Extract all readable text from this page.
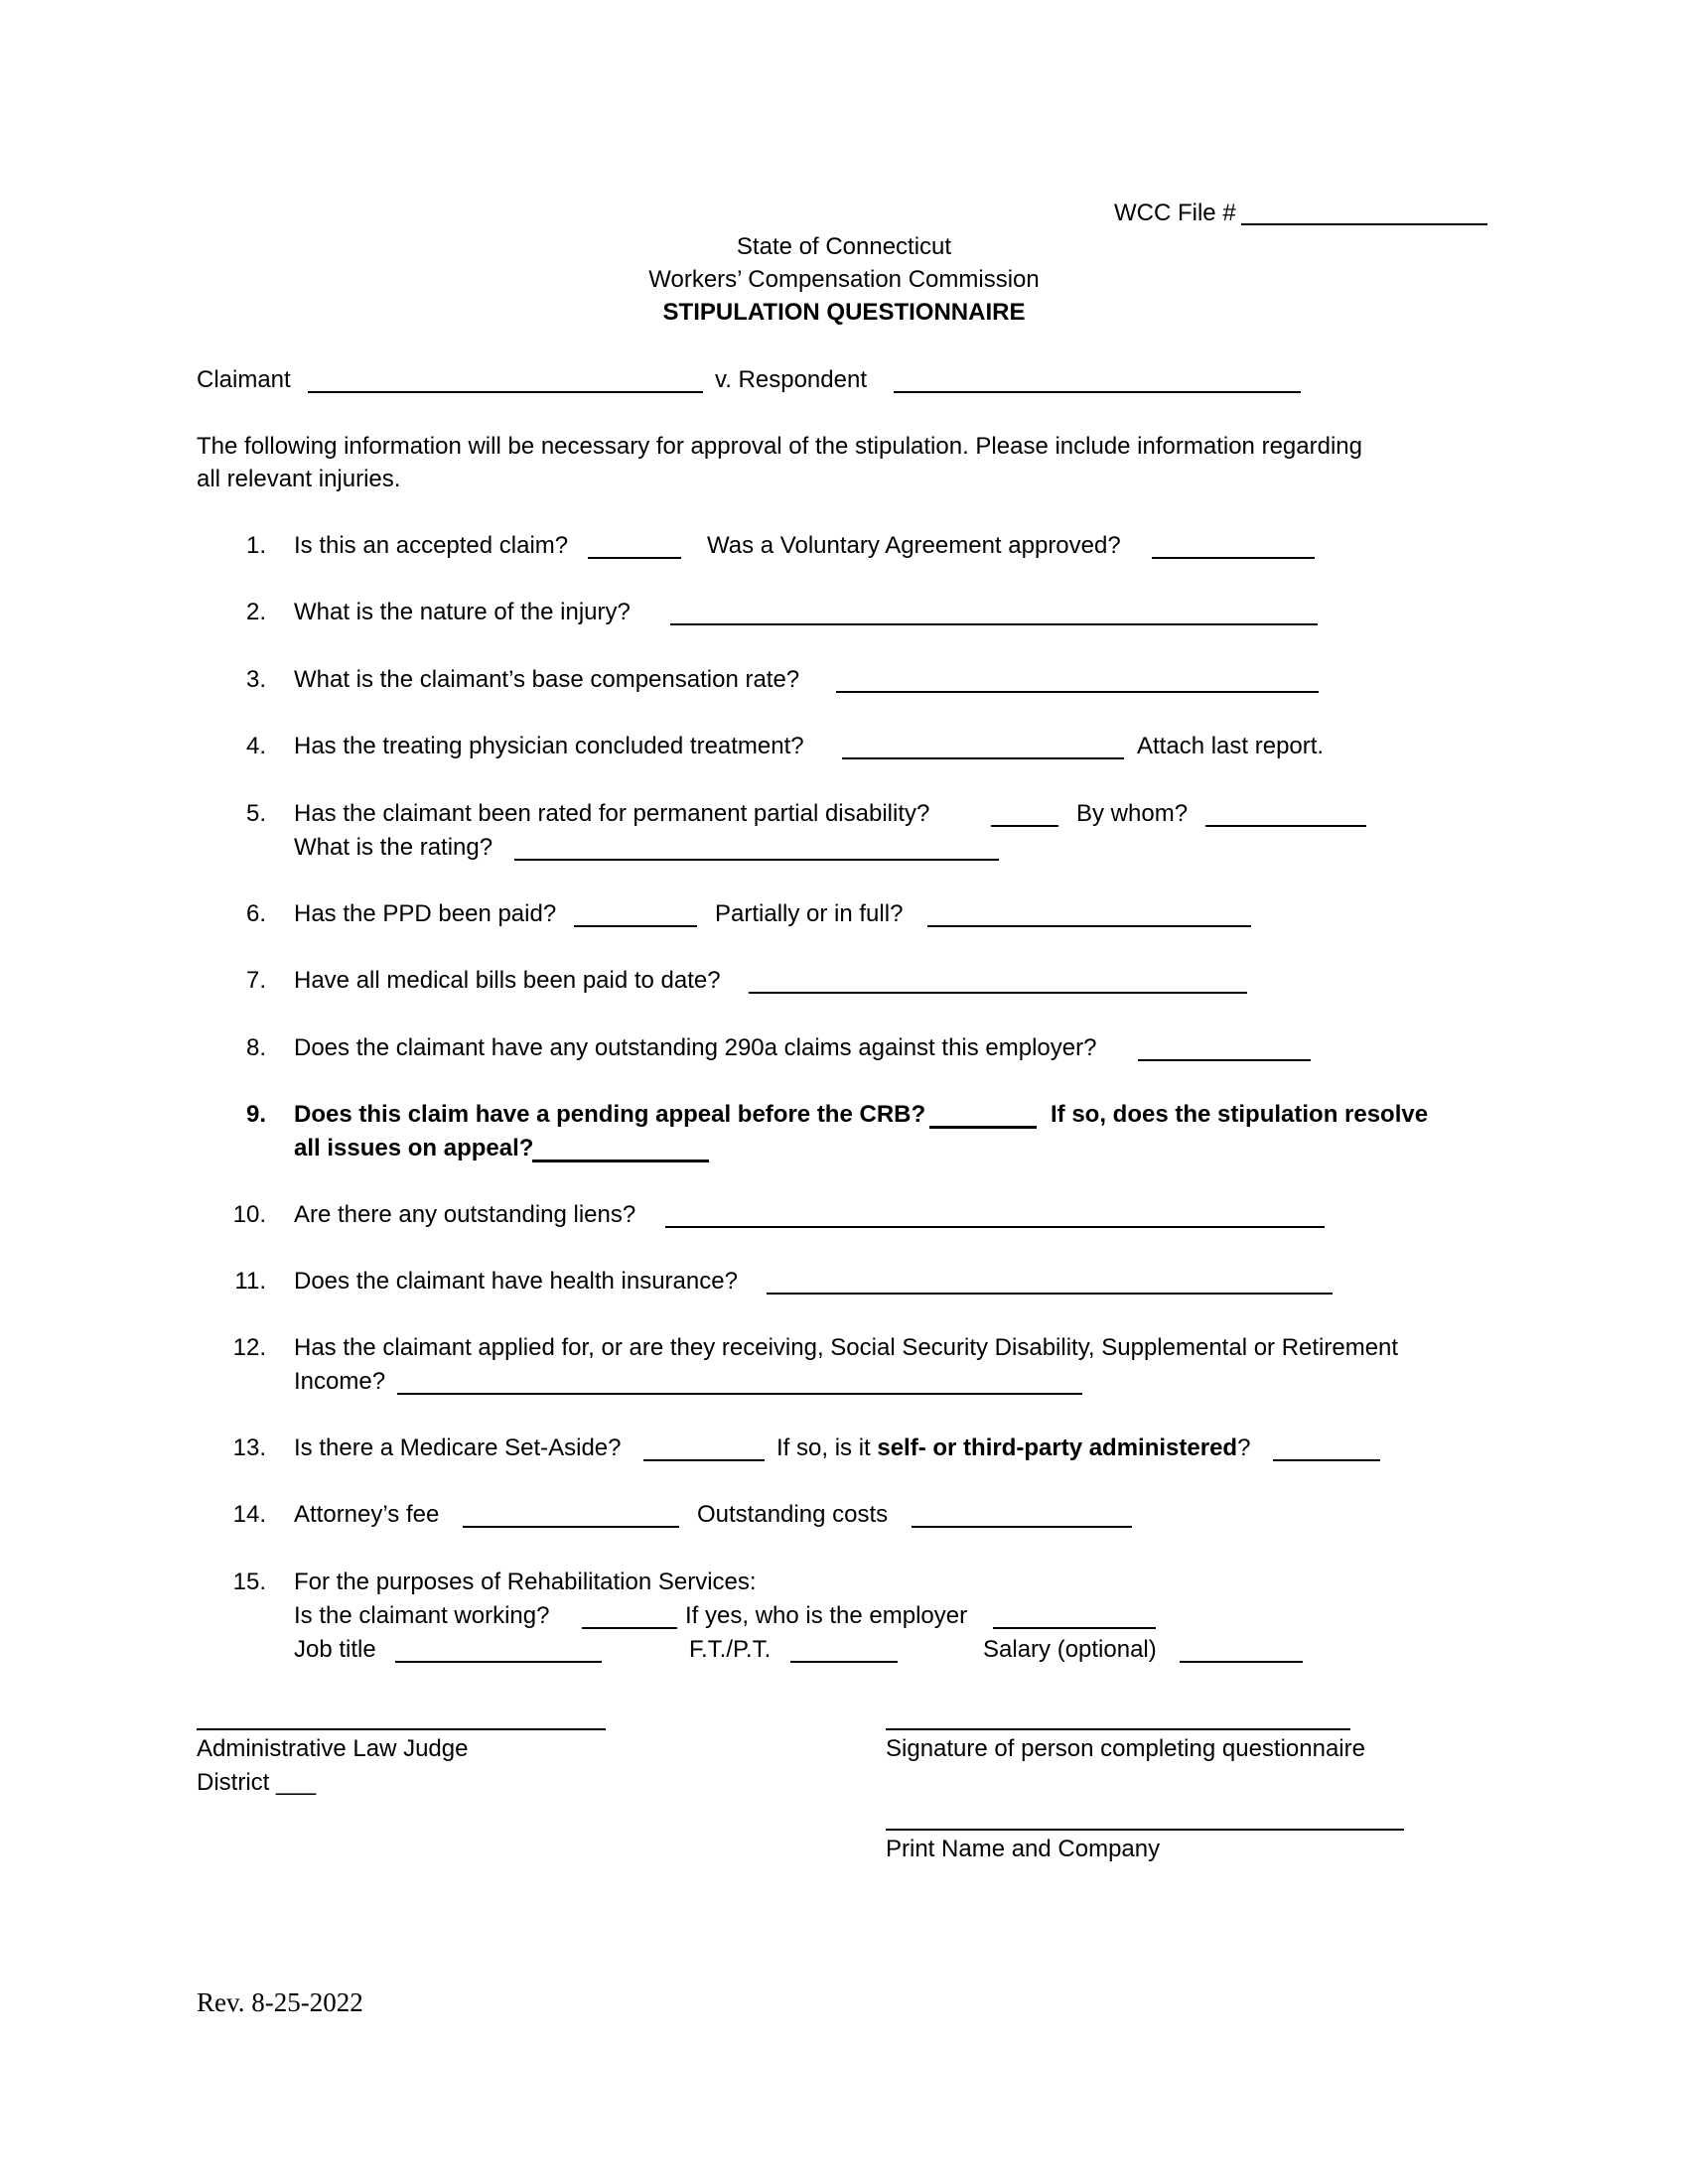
WCC File #
State of Connecticut
Workers’ Compensation Commission
STIPULATION QUESTIONNAIRE
Claimant	v. Respondent
The following information will be necessary for approval of the stipulation. Please include information regarding
all relevant injuries.
1. Is this an accepted claim?	Was a Voluntary Agreement approved?
2. What is the nature of the injury?
3. What is the claimant’s base compensation rate?
4. Has the treating physician concluded treatment?	Attach last report.
5. Has the claimant been rated for permanent partial disability?	By whom?
What is the rating?
6. Has the PPD been paid?	Partially or in full?
7. Have all medical bills been paid to date?
8. Does the claimant have any outstanding 290a claims against this employer?
9. Does this claim have a pending appeal before the CRB?	If so, does the stipulation resolve
all issues on appeal?
10. Are there any outstanding liens?
11. Does the claimant have health insurance?
12. Has the claimant applied for, or are they receiving, Social Security Disability, Supplemental or Retirement
Income?
13. Is there a Medicare Set-Aside?	If so, is it self- or third-party administered?
14. Attorney’s fee	Outstanding costs
15. For the purposes of Rehabilitation Services:
Is the claimant working?	If yes, who is the employer
Job title	F.T./P.T.	Salary (optional)
Administrative Law Judge
District ___
Signature of person completing questionnaire
Print Name and Company
Rev. 8-25-2022
